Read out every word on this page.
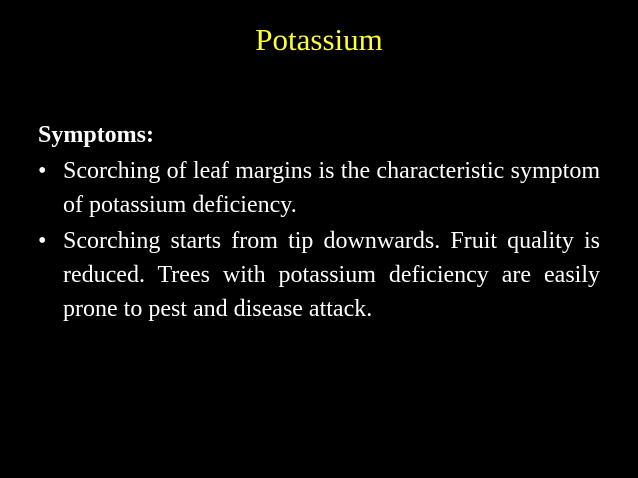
Potassium
Symptoms:
• Scorching of leaf margins is the characteristic symptom of potassium deficiency.
• Scorching starts from tip downwards. Fruit quality is reduced. Trees with potassium deficiency are easily prone to pest and disease attack.
